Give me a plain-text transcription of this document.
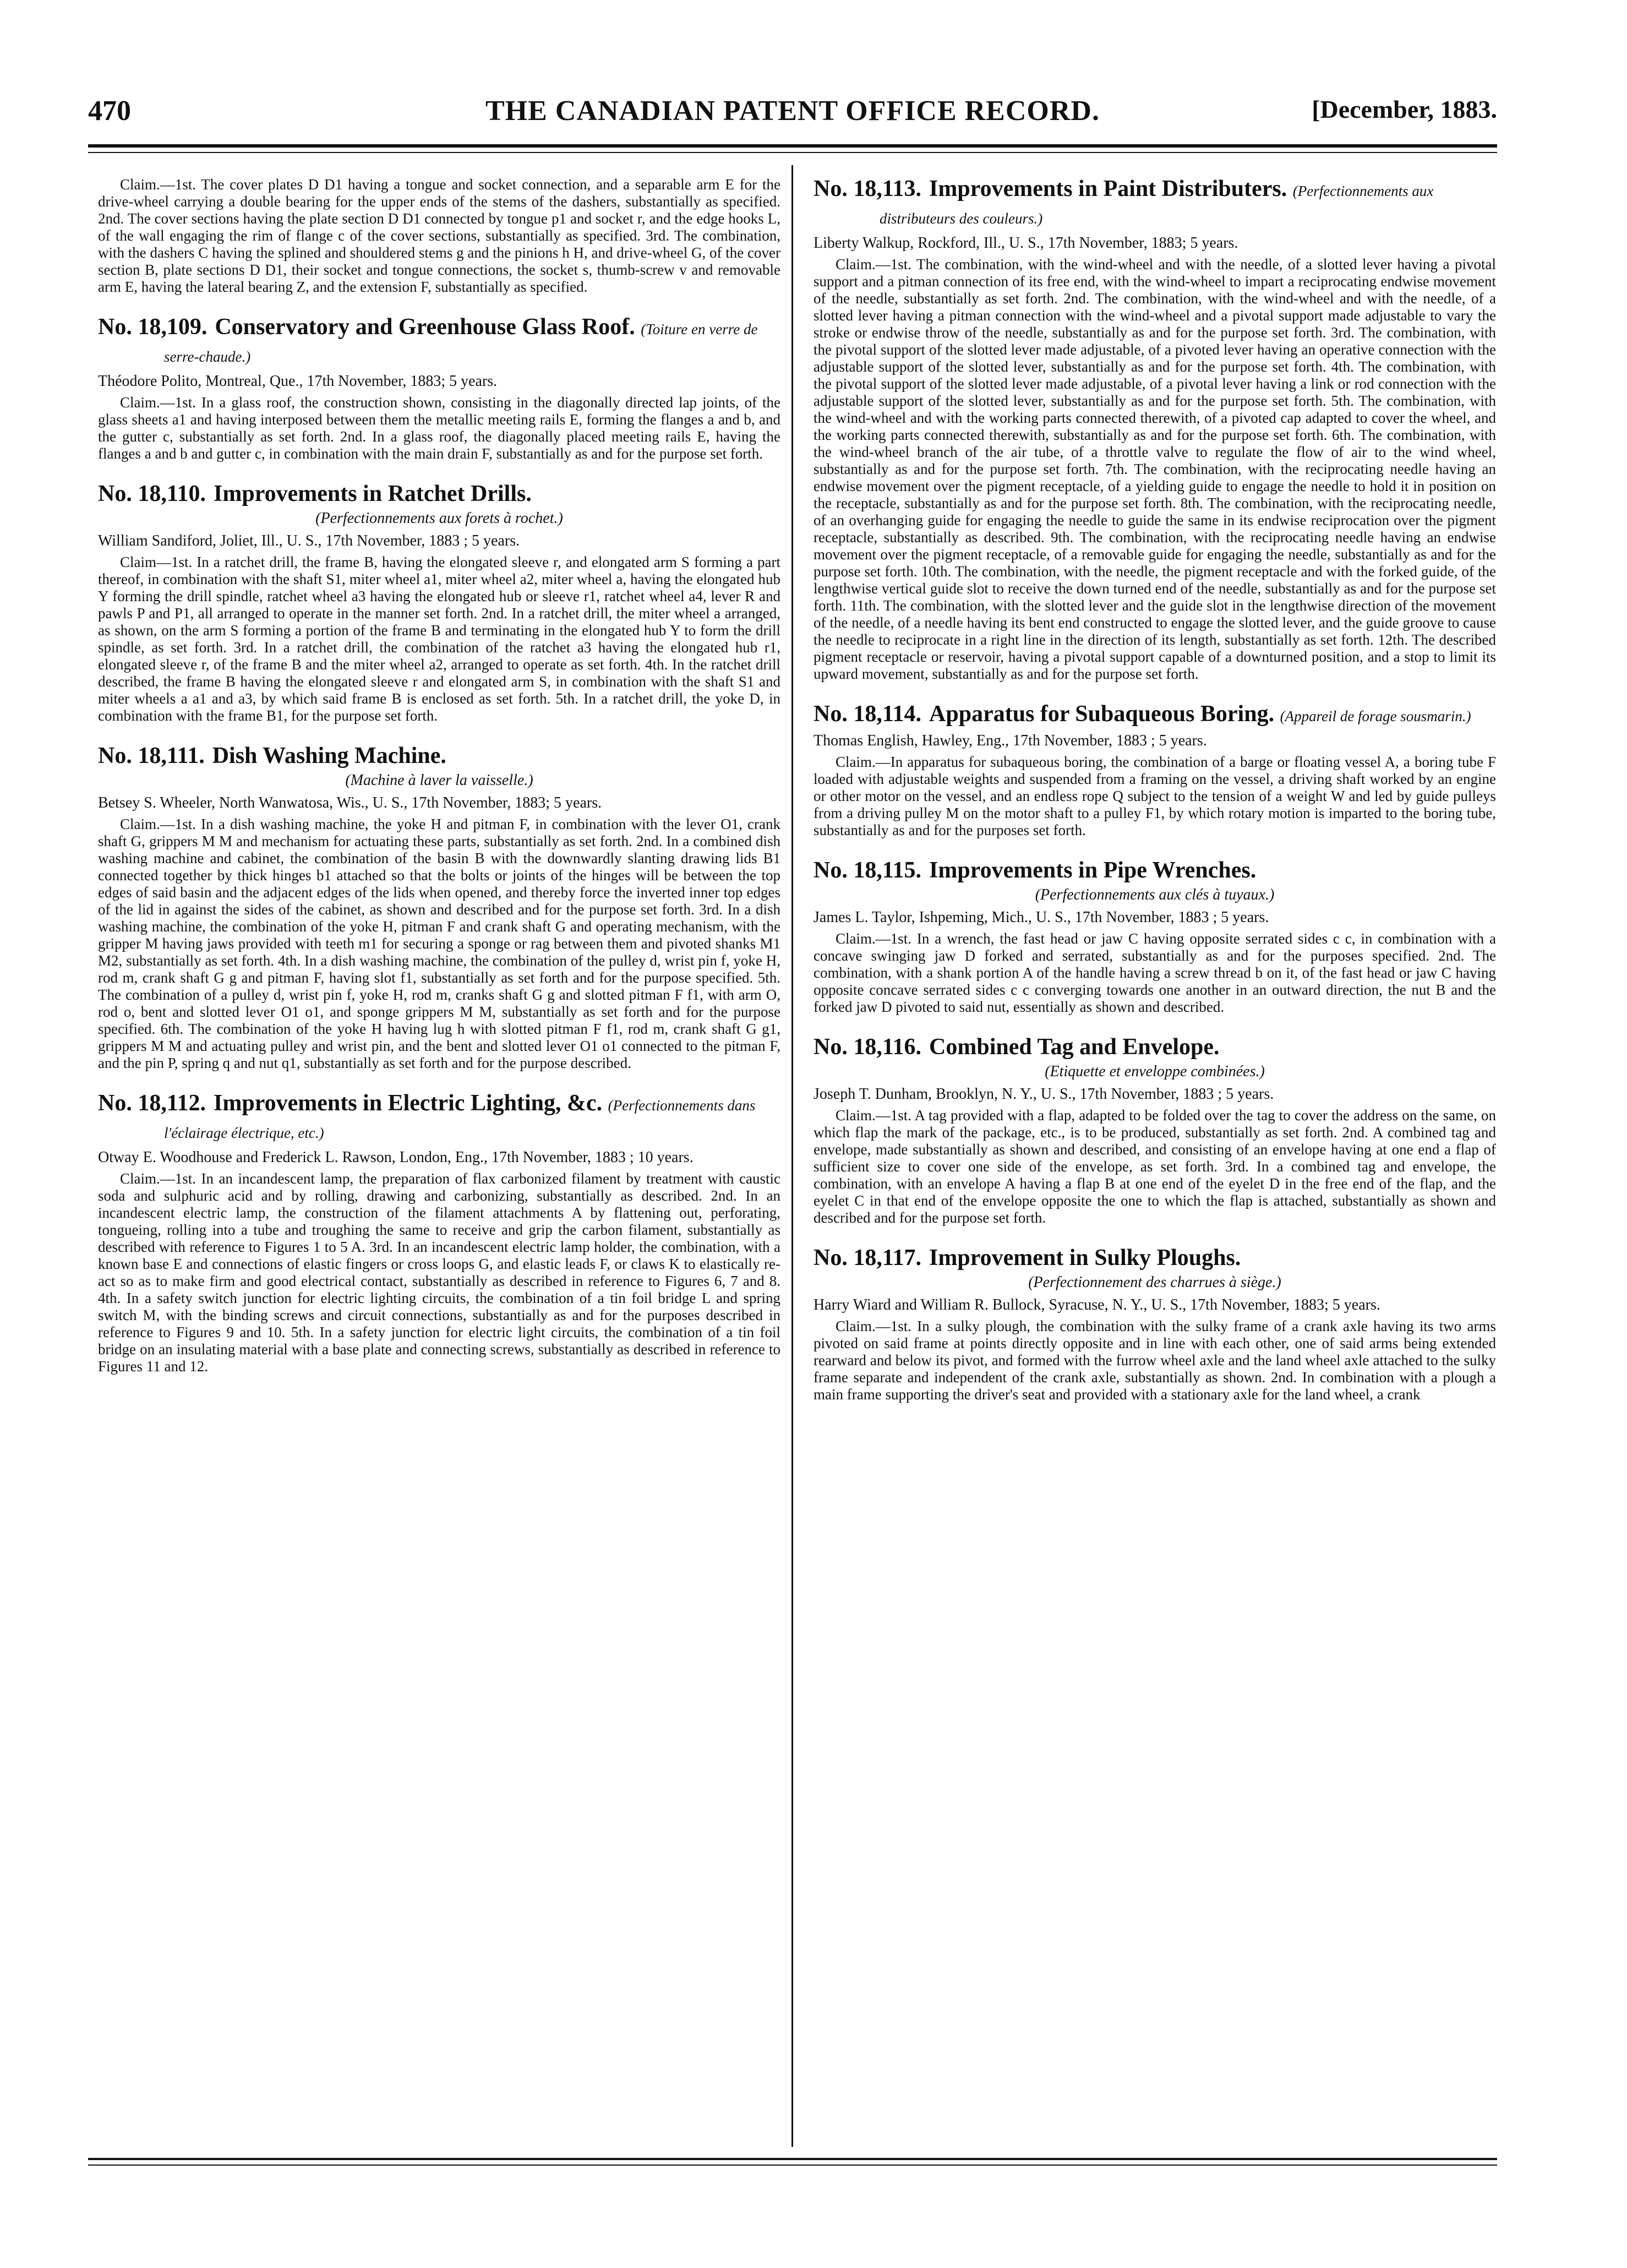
THE CANADIAN PATENT OFFICE RECORD.
470	[December, 1883.

Claim.—1st. The cover plates D D1 having a tongue and socket connection, and a separable arm E for the drive-wheel carrying a double bearing for the upper ends of the stems of the dashers, substantially as specified. 2nd. The cover sections having the plate section D D1 connected by tongue p1 and socket r, and the edge hooks L, of the wall engaging the rim of flange c of the cover sections, substantially as specified. 3rd. The combination, with the dashers C having the splined and shouldered stems g and the pinions h H, and drive-wheel G, of the cover section B, plate sections D D1, their socket and tongue connections, the socket s, thumb-screw v and removable arm E, having the lateral bearing Z, and the extension F, substantially as specified.

No. 18,109. Conservatory and Greenhouse Glass Roof. (Toiture en verre de serre-chaude.)

Théodore Polito, Montreal, Que., 17th November, 1883; 5 years.

Claim.—1st. In a glass roof, the construction shown, consisting in the diagonally directed lap joints, of the glass sheets a1 and having interposed between them the metallic meeting rails E, forming the flanges a and b, and the gutter c, substantially as set forth. 2nd. In a glass roof, the diagonally placed meeting rails E, having the flanges a and b and gutter c, in combination with the main drain F, substantially as and for the purpose set forth.

No. 18,110. Improvements in Ratchet Drills.
(Perfectionnements aux forets à rochet.)

William Sandiford, Joliet, Ill., U. S., 17th November, 1883 ; 5 years.

Claim—1st. In a ratchet drill, the frame B, having the elongated sleeve r, and elongated arm S forming a part thereof, in combination with the shaft S1, miter wheel a1, miter wheel a2, miter wheel a, having the elongated hub Y forming the drill spindle, ratchet wheel a3 having the elongated hub or sleeve r1, ratchet wheel a4, lever R and pawls P and P1, all arranged to operate in the manner set forth. 2nd. In a ratchet drill, the miter wheel a arranged, as shown, on the arm S forming a portion of the frame B and terminating in the elongated hub Y to form the drill spindle, as set forth. 3rd. In a ratchet drill, the combination of the ratchet a3 having the elongated hub r1, elongated sleeve r, of the frame B and the miter wheel a2, arranged to operate as set forth. 4th. In the ratchet drill described, the frame B having the elongated sleeve r and elongated arm S, in combination with the shaft S1 and miter wheels a a1 and a3, by which said frame B is enclosed as set forth. 5th. In a ratchet drill, the yoke D, in combination with the frame B1, for the purpose set forth.

No. 18,111. Dish Washing Machine.
(Machine à laver la vaisselle.)

Betsey S. Wheeler, North Wanwatosa, Wis., U. S., 17th November, 1883; 5 years.

Claim.—1st. In a dish washing machine, the yoke H and pitman F, in combination with the lever O1, crank shaft G, grippers M M and mechanism for actuating these parts, substantially as set forth. 2nd. In a combined dish washing machine and cabinet, the combination of the basin B with the downwardly slanting drawing lids B1 connected together by thick hinges b1 attached so that the bolts or joints of the hinges will be between the top edges of said basin and the adjacent edges of the lids when opened, and thereby force the inverted inner top edges of the lid in against the sides of the cabinet, as shown and described and for the purpose set forth. 3rd. In a dish washing machine, the combination of the yoke H, pitman F and crank shaft G and operating mechanism, with the gripper M having jaws provided with teeth m1 for securing a sponge or rag between them and pivoted shanks M1 M2, substantially as set forth. 4th. In a dish washing machine, the combination of the pulley d, wrist pin f, yoke H, rod m, crank shaft G g and pitman F, having slot f1, substantially as set forth and for the purpose specified. 5th. The combination of a pulley d, wrist pin f, yoke H, rod m, cranks shaft G g and slotted pitman F f1, with arm O, rod o, bent and slotted lever O1 o1, and sponge grippers M M, substantially as set forth and for the purpose specified. 6th. The combination of the yoke H having lug h with slotted pitman F f1, rod m, crank shaft G g1, grippers M M and actuating pulley and wrist pin, and the bent and slotted lever O1 o1 connected to the pitman F, and the pin P, spring q and nut q1, substantially as set forth and for the purpose described.

No. 18,112. Improvements in Electric Lighting, &c. (Perfectionnements dans l'éclairage électrique, etc.)

Otway E. Woodhouse and Frederick L. Rawson, London, Eng., 17th November, 1883 ; 10 years.

Claim.—1st. In an incandescent lamp, the preparation of flax carbonized filament by treatment with caustic soda and sulphuric acid and by rolling, drawing and carbonizing, substantially as described. 2nd. In an incandescent electric lamp, the construction of the filament attachments A by flattening out, perforating, tongueing, rolling into a tube and troughing the same to receive and grip the carbon filament, substantially as described with reference to Figures 1 to 5 A. 3rd. In an incandescent electric lamp holder, the combination, with a known base E and connections of elastic fingers or cross loops G, and elastic leads F, or claws K to elastically re-act so as to make firm and good electrical contact, substantially as described in reference to Figures 6, 7 and 8. 4th. In a safety switch junction for electric lighting circuits, the combination of a tin foil bridge L and spring switch M, with the binding screws and circuit connections, substantially as and for the purposes described in reference to Figures 9 and 10. 5th. In a safety junction for electric light circuits, the combination of a tin foil bridge on an insulating material with a base plate and connecting screws, substantially as described in reference to Figures 11 and 12.

No. 18,113. Improvements in Paint Distributers. (Perfectionnements aux distributeurs des couleurs.)

Liberty Walkup, Rockford, Ill., U. S., 17th November, 1883; 5 years.

Claim.—1st. The combination, with the wind-wheel and with the needle, of a slotted lever having a pivotal support and a pitman connection of its free end, with the wind-wheel to impart a reciprocating endwise movement of the needle, substantially as set forth. 2nd. The combination, with the wind-wheel and with the needle, of a slotted lever having a pitman connection with the wind-wheel and a pivotal support made adjustable to vary the stroke or endwise throw of the needle, substantially as and for the purpose set forth. 3rd. The combination, with the pivotal support of the slotted lever made adjustable, of a pivoted lever having an operative connection with the adjustable support of the slotted lever, substantially as and for the purpose set forth. 4th. The combination, with the pivotal support of the slotted lever made adjustable, of a pivotal lever having a link or rod connection with the adjustable support of the slotted lever, substantially as and for the purpose set forth. 5th. The combination, with the wind-wheel and with the working parts connected therewith, of a pivoted cap adapted to cover the wheel, and the working parts connected therewith, substantially as and for the purpose set forth. 6th. The combination, with the wind-wheel branch of the air tube, of a throttle valve to regulate the flow of air to the wind wheel, substantially as and for the purpose set forth. 7th. The combination, with the reciprocating needle having an endwise movement over the pigment receptacle, of a yielding guide to engage the needle to hold it in position on the receptacle, substantially as and for the purpose set forth. 8th. The combination, with the reciprocating needle, of an overhanging guide for engaging the needle to guide the same in its endwise reciprocation over the pigment receptacle, substantially as described. 9th. The combination, with the reciprocating needle having an endwise movement over the pigment receptacle, of a removable guide for engaging the needle, substantially as and for the purpose set forth. 10th. The combination, with the needle, the pigment receptacle and with the forked guide, of the lengthwise vertical guide slot to receive the down turned end of the needle, substantially as and for the purpose set forth. 11th. The combination, with the slotted lever and the guide slot in the lengthwise direction of the movement of the needle, of a needle having its bent end constructed to engage the slotted lever, and the guide groove to cause the needle to reciprocate in a right line in the direction of its length, substantially as set forth. 12th. The described pigment receptacle or reservoir, having a pivotal support capable of a downturned position, and a stop to limit its upward movement, substantially as and for the purpose set forth.

No. 18,114. Apparatus for Subaqueous Boring. (Appareil de forage sousmarin.)

Thomas English, Hawley, Eng., 17th November, 1883 ; 5 years.

Claim.—In apparatus for subaqueous boring, the combination of a barge or floating vessel A, a boring tube F loaded with adjustable weights and suspended from a framing on the vessel, a driving shaft worked by an engine or other motor on the vessel, and an endless rope Q subject to the tension of a weight W and led by guide pulleys from a driving pulley M on the motor shaft to a pulley F1, by which rotary motion is imparted to the boring tube, substantially as and for the purposes set forth.

No. 18,115. Improvements in Pipe Wrenches.
(Perfectionnements aux clés à tuyaux.)

James L. Taylor, Ishpeming, Mich., U. S., 17th November, 1883 ; 5 years.

Claim.—1st. In a wrench, the fast head or jaw C having opposite serrated sides c c, in combination with a concave swinging jaw D forked and serrated, substantially as and for the purposes specified. 2nd. The combination, with a shank portion A of the handle having a screw thread b on it, of the fast head or jaw C having opposite concave serrated sides c c converging towards one another in an outward direction, the nut B and the forked jaw D pivoted to said nut, essentially as shown and described.

No. 18,116. Combined Tag and Envelope.
(Etiquette et enveloppe combinées.)

Joseph T. Dunham, Brooklyn, N. Y., U. S., 17th November, 1883 ; 5 years.

Claim.—1st. A tag provided with a flap, adapted to be folded over the tag to cover the address on the same, on which flap the mark of the package, etc., is to be produced, substantially as set forth. 2nd. A combined tag and envelope, made substantially as shown and described, and consisting of an envelope having at one end a flap of sufficient size to cover one side of the envelope, as set forth. 3rd. In a combined tag and envelope, the combination, with an envelope A having a flap B at one end of the eyelet D in the free end of the flap, and the eyelet C in that end of the envelope opposite the one to which the flap is attached, substantially as shown and described and for the purpose set forth.

No. 18,117. Improvement in Sulky Ploughs.
(Perfectionnement des charrues à siège.)

Harry Wiard and William R. Bullock, Syracuse, N. Y., U. S., 17th November, 1883; 5 years.

Claim.—1st. In a sulky plough, the combination with the sulky frame of a crank axle having its two arms pivoted on said frame at points directly opposite and in line with each other, one of said arms being extended rearward and below its pivot, and formed with the furrow wheel axle and the land wheel axle attached to the sulky frame separate and independent of the crank axle, substantially as shown. 2nd. In combination with a plough a main frame supporting the driver's seat and provided with a stationary axle for the land wheel, a crank
